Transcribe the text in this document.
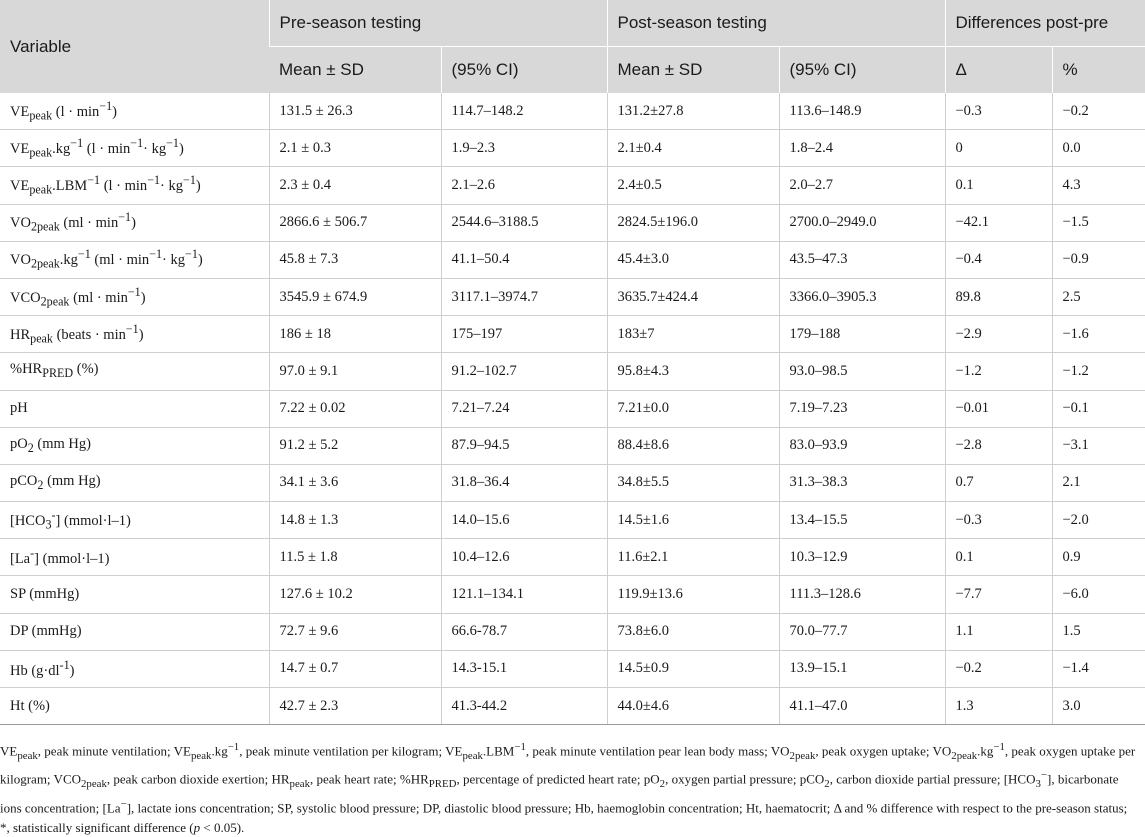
Variable	Pre-season testing		Post-season testing		Differences post-pre	
	Mean ± SD	(95% CI)	Mean ± SD	(95% CI)	Δ	%
$VE_{peak}$ $(l \cdot \min^{-1})$	131.5 ± 26.3	114.7–148.2	131.2±27.8	113.6–148.9	−0.3	−0.2
$VE_{peak}.kg^{-1}$ $(l \cdot \min^{-1}\cdot kg^{-1})$	2.1 ± 0.3	1.9–2.3	2.1±0.4	1.8–2.4	0	0.0
$VE_{peak}.LBM^{-1}$ $(l \cdot \min^{-1}\cdot kg^{-1})$	2.3 ± 0.4	2.1–2.6	2.4±0.5	2.0–2.7	0.1	4.3
$VO_{2peak}$ $(ml \cdot \min^{-1})$	2866.6 ± 506.7	2544.6–3188.5	2824.5±196.0	2700.0–2949.0	−42.1	−1.5
$VO_{2peak}.kg^{-1}$ $(ml \cdot \min^{-1}\cdot kg^{-1})$	45.8 ± 7.3	41.1–50.4	45.4±3.0	43.5–47.3	−0.4	−0.9
$VCO_{2peak}$ $(ml \cdot \min^{-1})$	3545.9 ± 674.9	3117.1–3974.7	3635.7±424.4	3366.0–3905.3	89.8	2.5
$HR_{peak}$ (beats · $\min^{-1}$)	186 ± 18	175–197	183±7	179–188	−2.9	−1.6
$\%HR_{PRED}$ (%)	97.0 ± 9.1	91.2–102.7	95.8±4.3	93.0–98.5	−1.2	−1.2
pH	7.22 ± 0.02	7.21–7.24	7.21±0.0	7.19–7.23	−0.01	−0.1
$pO_2$ (mm Hg)	91.2 ± 5.2	87.9–94.5	88.4±8.6	83.0–93.9	−2.8	−3.1
pCO$_2$ (mm Hg)	34.1 ± 3.6	31.8–36.4	34.8±5.5	31.3–38.3	0.7	2.1
$[HCO_3^-]$ (mmol·l–1)	14.8 ± 1.3	14.0–15.6	14.5±1.6	13.4–15.5	−0.3	−2.0
[La-] (mmol·l–1)	11.5 ± 1.8	10.4–12.6	11.6±2.1	10.3–12.9	0.1	0.9
SP (mmHg)	127.6 ± 10.2	121.1–134.1	119.9±13.6	111.3–128.6	−7.7	−6.0
DP (mmHg)	72.7 ± 9.6	66.6-78.7	73.8±6.0	70.0–77.7	1.1	1.5
Hb $(g\cdot dl^{-1})$	14.7 ± 0.7	14.3-15.1	14.5±0.9	13.9–15.1	−0.2	−1.4
Ht (%)	42.7 ± 2.3	41.3-44.2	44.0±4.6	41.1–47.0	1.3	3.0
$VE_{peak}$, peak minute ventilation; $VE_{peak}.kg^{-1}$, peak minute ventilation per kilogram; $VE_{peak}.LBM^{-1}$, peak minute ventilation pear lean body mass; $VO_{2peak}$, peak oxygen uptake; $VO_{2peak}.kg^{-1}$, peak oxygen uptake per kilogram; $VCO_{2peak}$, peak carbon dioxide exertion; $HR_{peak}$, peak heart rate; $\%HR_{PRED}$, percentage of predicted heart rate; $pO_2$, oxygen partial pressure; pCO$_2$, carbon dioxide partial pressure; $[HCO_3^-]$, bicarbonate ions concentration; [La−], lactate ions concentration; SP, systolic blood pressure; DP, diastolic blood pressure; Hb, haemoglobin concentration; Ht, haematocrit; Δ and % difference with respect to the pre-season status; *, statistically significant difference (p < 0.05).
